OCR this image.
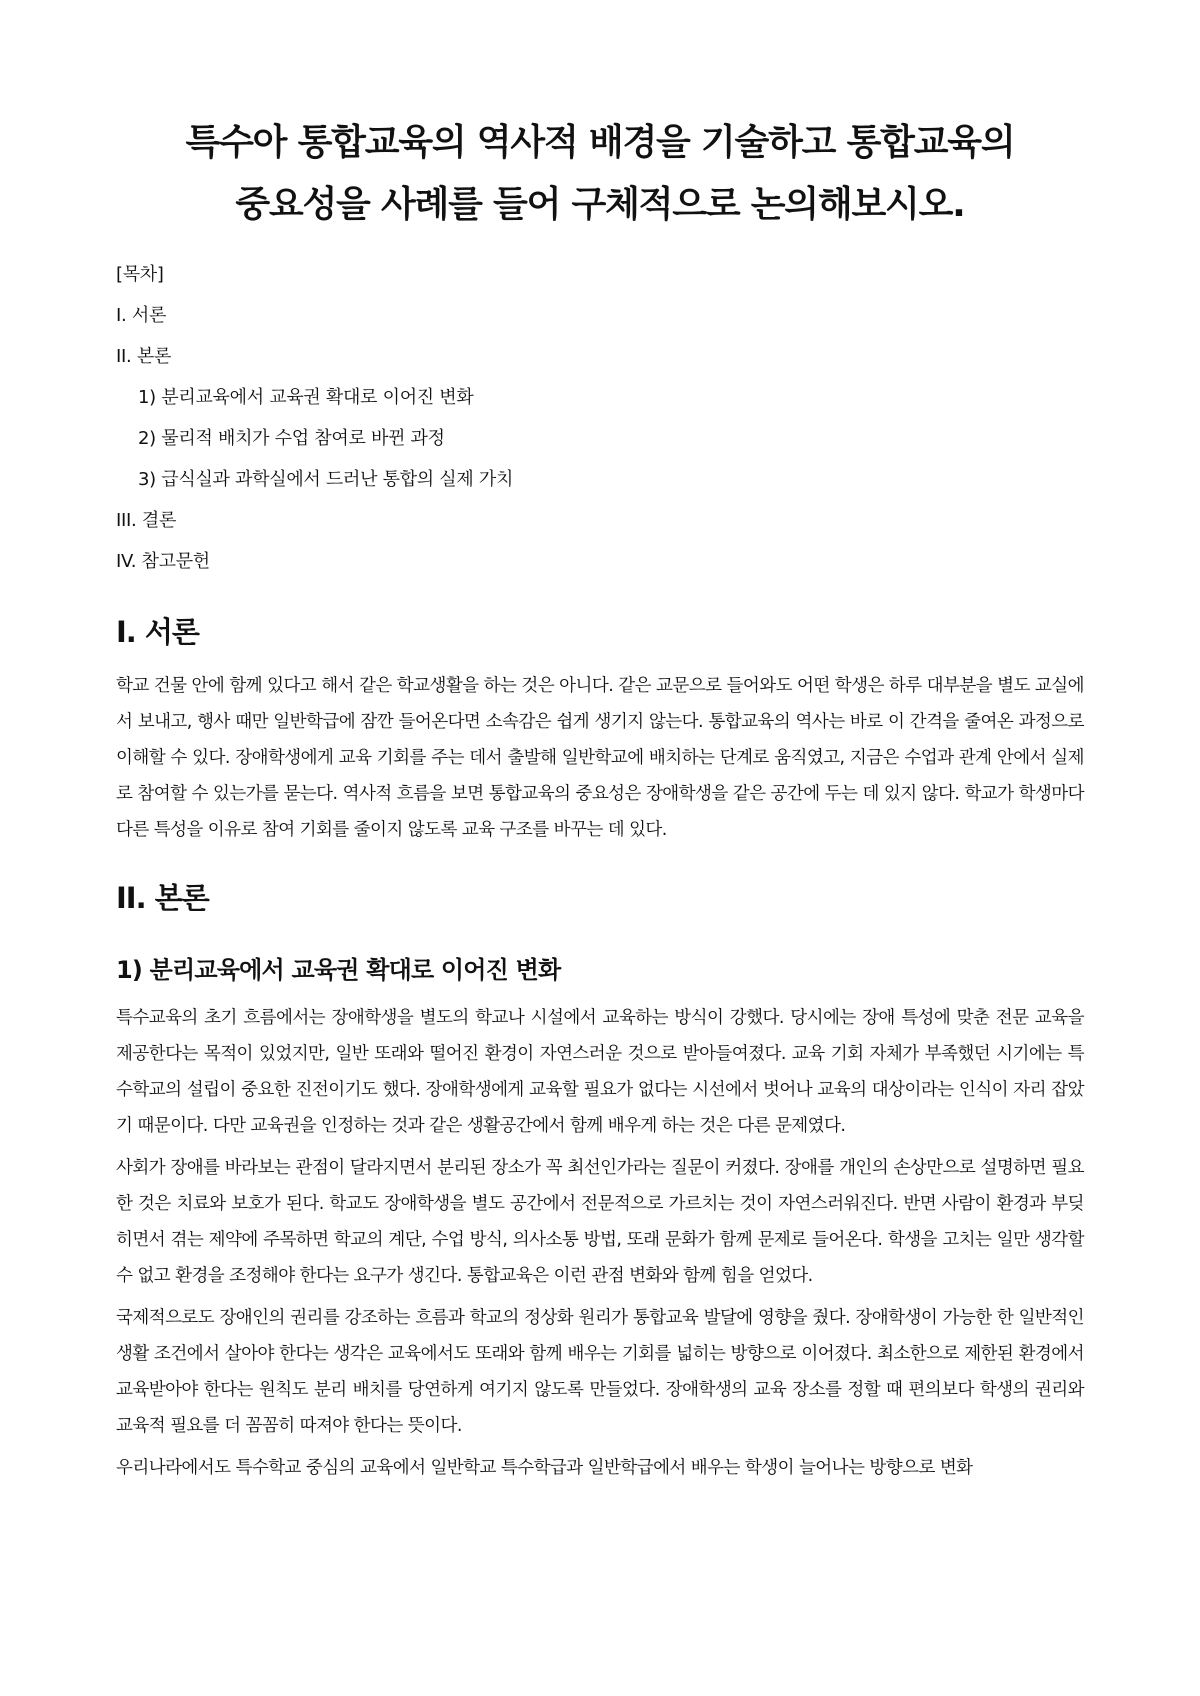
특수아 통합교육의 역사적 배경을 기술하고 통합교육의 중요성을 사례를 들어 구체적으로 논의해보시오.

[목차]

I. 서론

II. 본론

1) 분리교육에서 교육권 확대로 이어진 변화

2) 물리적 배치가 수업 참여로 바뀐 과정

3) 급식실과 과학실에서 드러난 통합의 실제 가치

III. 결론

IV. 참고문헌

I. 서론

학교 건물 안에 함께 있다고 해서 같은 학교생활을 하는 것은 아니다. 같은 교문으로 들어와도 어떤 학생은 하루 대부분을 별도 교실에서 보내고, 행사 때만 일반학급에 잠깐 들어온다면 소속감은 쉽게 생기지 않는다. 통합교육의 역사는 바로 이 간격을 줄여온 과정으로 이해할 수 있다. 장애학생에게 교육 기회를 주는 데서 출발해 일반학교에 배치하는 단계로 움직였고, 지금은 수업과 관계 안에서 실제로 참여할 수 있는가를 묻는다. 역사적 흐름을 보면 통합교육의 중요성은 장애학생을 같은 공간에 두는 데 있지 않다. 학교가 학생마다 다른 특성을 이유로 참여 기회를 줄이지 않도록 교육 구조를 바꾸는 데 있다.

II. 본론
1) 분리교육에서 교육권 확대로 이어진 변화

특수교육의 초기 흐름에서는 장애학생을 별도의 학교나 시설에서 교육하는 방식이 강했다. 당시에는 장애 특성에 맞춘 전문 교육을 제공한다는 목적이 있었지만, 일반 또래와 떨어진 환경이 자연스러운 것으로 받아들여졌다. 교육 기회 자체가 부족했던 시기에는 특수학교의 설립이 중요한 진전이기도 했다. 장애학생에게 교육할 필요가 없다는 시선에서 벗어나 교육의 대상이라는 인식이 자리 잡았기 때문이다. 다만 교육권을 인정하는 것과 같은 생활공간에서 함께 배우게 하는 것은 다른 문제였다.

사회가 장애를 바라보는 관점이 달라지면서 분리된 장소가 꼭 최선인가라는 질문이 커졌다. 장애를 개인의 손상만으로 설명하면 필요한 것은 치료와 보호가 된다. 학교도 장애학생을 별도 공간에서 전문적으로 가르치는 것이 자연스러워진다. 반면 사람이 환경과 부딪히면서 겪는 제약에 주목하면 학교의 계단, 수업 방식, 의사소통 방법, 또래 문화가 함께 문제로 들어온다. 학생을 고치는 일만 생각할 수 없고 환경을 조정해야 한다는 요구가 생긴다. 통합교육은 이런 관점 변화와 함께 힘을 얻었다.

국제적으로도 장애인의 권리를 강조하는 흐름과 학교의 정상화 원리가 통합교육 발달에 영향을 줬다. 장애학생이 가능한 한 일반적인 생활 조건에서 살아야 한다는 생각은 교육에서도 또래와 함께 배우는 기회를 넓히는 방향으로 이어졌다. 최소한으로 제한된 환경에서 교육받아야 한다는 원칙도 분리 배치를 당연하게 여기지 않도록 만들었다. 장애학생의 교육 장소를 정할 때 편의보다 학생의 권리와 교육적 필요를 더 꼼꼼히 따져야 한다는 뜻이다.

우리나라에서도 특수학교 중심의 교육에서 일반학교 특수학급과 일반학급에서 배우는 학생이 늘어나는 방향으로 변화
